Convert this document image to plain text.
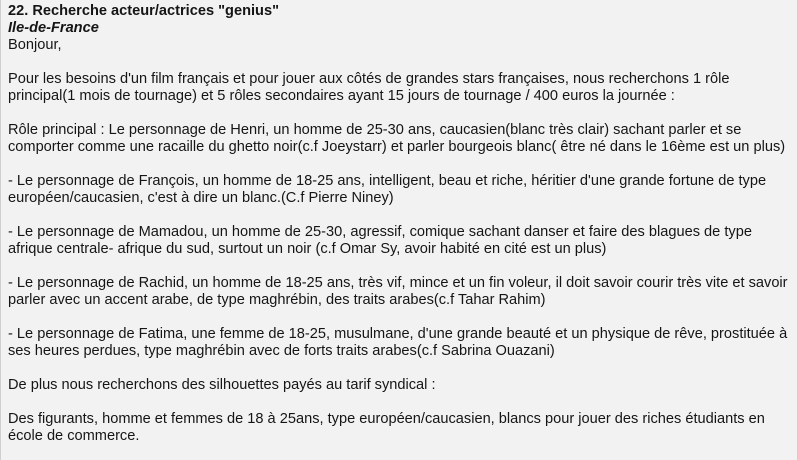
22. Recherche acteur/actrices "genius"
Ile-de-France
Bonjour,
Pour les besoins d'un film français et pour jouer aux côtés de grandes stars françaises, nous recherchons 1 rôle principal(1 mois de tournage) et 5 rôles secondaires ayant 15 jours de tournage / 400 euros la journée :
Rôle principal : Le personnage de Henri, un homme de 25-30 ans, caucasien(blanc très clair) sachant parler et se comporter comme une racaille du ghetto noir(c.f Joeystarr) et parler bourgeois blanc( être né dans le 16ème est un plus)
- Le personnage de François, un homme de 18-25 ans, intelligent, beau et riche, héritier d'une grande fortune de type européen/caucasien, c'est à dire un blanc.(C.f Pierre Niney)
- Le personnage de Mamadou, un homme de 25-30, agressif, comique sachant danser et faire des blagues de type afrique centrale- afrique du sud, surtout un noir (c.f Omar Sy, avoir habité en cité est un plus)
- Le personnage de Rachid, un homme de 18-25 ans, très vif, mince et un fin voleur, il doit savoir courir très vite et savoir parler avec un accent arabe, de type maghrébin, des traits arabes(c.f Tahar Rahim)
- Le personnage de Fatima, une femme de 18-25, musulmane, d'une grande beauté et un physique de rêve, prostituée à ses heures perdues, type maghrébin avec de forts traits arabes(c.f Sabrina Ouazani)
De plus nous recherchons des silhouettes payés au tarif syndical :
Des figurants, homme et femmes de 18 à 25ans, type européen/caucasien, blancs pour jouer des riches étudiants en école de commerce.
